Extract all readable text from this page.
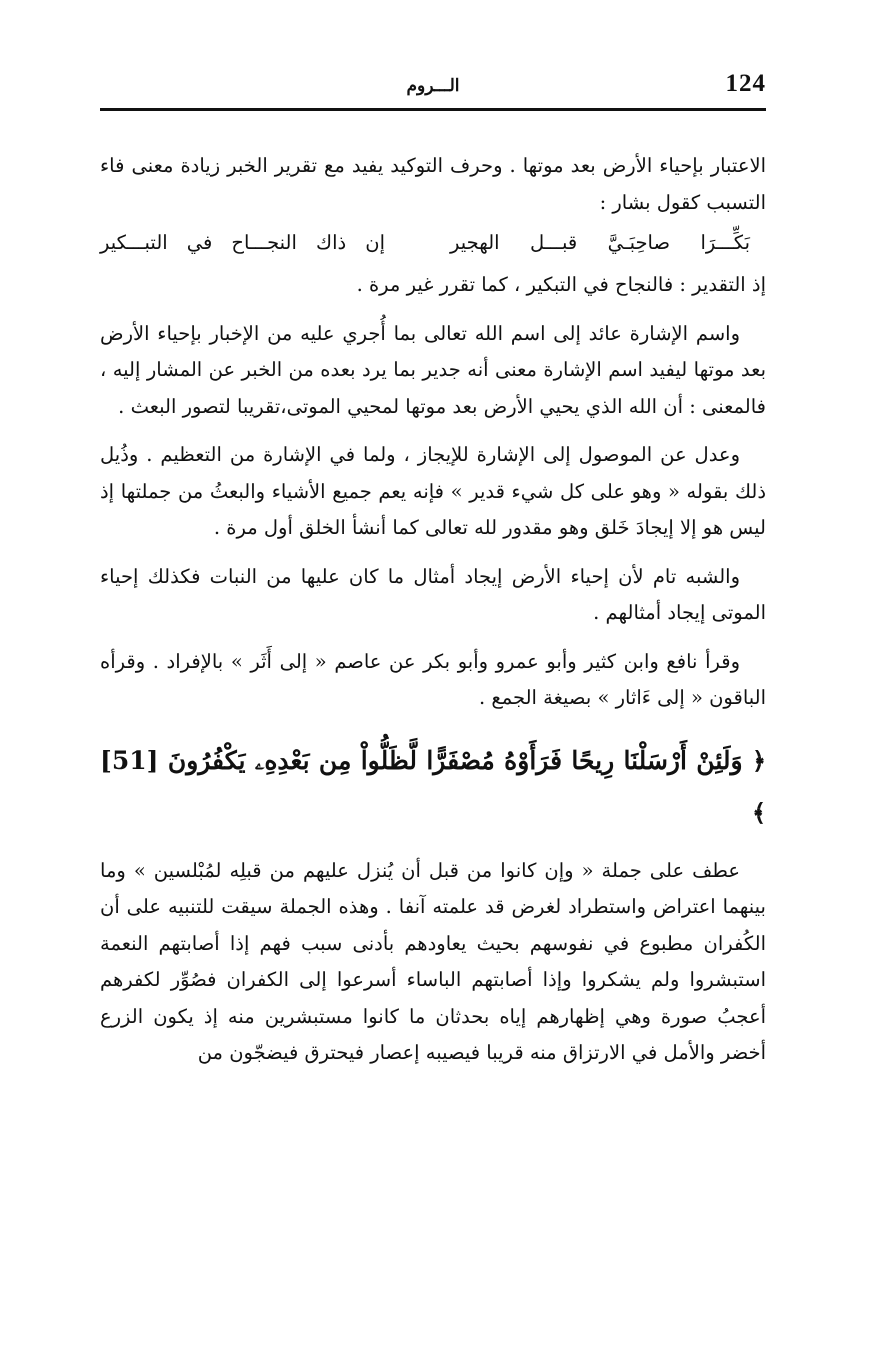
124
الـــروم

الاعتبار بإحياء الأرض بعد موتها . وحرف التوكيد يفيد مع تقرير الخبر زيادة معنى فاء التسبب كقول بشار :

بَكِّـــرَا صاحِبَـيَّ قبـــل الهجير
إن ذاك النجـــاح في التبـــكير

إذ التقدير : فالنجاح في التبكير ، كما تقرر غير مرة .

واسم الإشارة عائد إلى اسم الله تعالى بما أُجري عليه من الإخبار بإحياء الأرض بعد موتها ليفيد اسم الإشارة معنى أنه جدير بما يرد بعده من الخبر عن المشار إليه ، فالمعنى : أن الله الذي يحيي الأرض بعد موتها لمحيي الموتى،تقريبا لتصور البعث .

وعدل عن الموصول إلى الإشارة للإيجاز ، ولما في الإشارة من التعظيم . وذُيل ذلك بقوله « وهو على كل شيء قدير » فإنه يعم جميع الأشياء والبعثُ من جملتها إذ ليس هو إلا إيجادَ خَلق وهو مقدور لله تعالى كما أنشأ الخلق أول مرة .

والشبه تام لأن إحياء الأرض إيجاد أمثال ما كان عليها من النبات فكذلك إحياء الموتى إيجاد أمثالهم .

وقرأ نافع وابن كثير وأبو عمرو وأبو بكر عن عاصم « إلى أَثَر » بالإفراد . وقرأه الباقون « إلى ءَاثار » بصيغة الجمع .

﴿ وَلَئِنْ أَرْسَلْنَا رِيحًا فَرَأَوْهُ مُصْفَرًّا لَّظَلُّواْ مِن بَعْدِهِۦ يَكْفُرُونَ [51] ﴾

عطف على جملة « وإن كانوا من قبل أن يُنزل عليهم من قبلِه لمُبْلسين » وما بينهما اعتراض واستطراد لغرض قد علمته آنفا . وهذه الجملة سيقت للتنبيه على أن الكُفران مطبوع في نفوسهم بحيث يعاودهم بأدنى سبب فهم إذا أصابتهم النعمة استبشروا ولم يشكروا وإذا أصابتهم الباساء أسرعوا إلى الكفران فصُوِّر لكفرهم أعجبُ صورة وهي إظهارهم إياه بحدثان ما كانوا مستبشرين منه إذ يكون الزرع أخضر والأمل في الارتزاق منه قريبا فيصيبه إعصار فيحترق فيضجّون من
